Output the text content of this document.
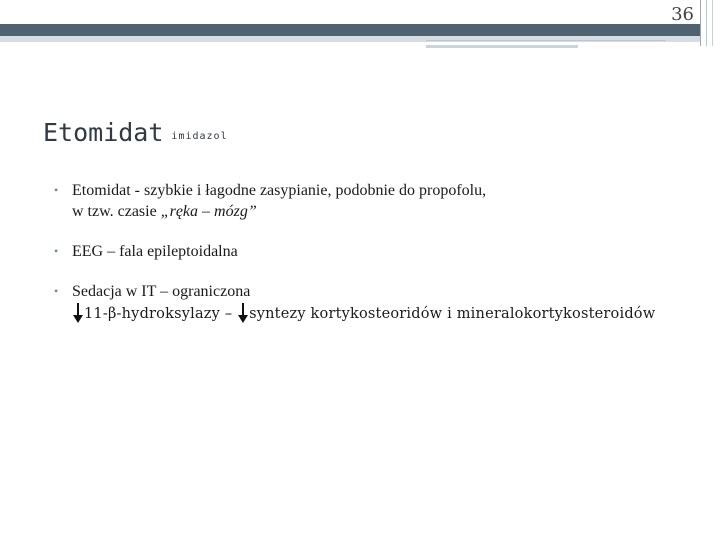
36
Etomidat $^{imidazol}$
• Etomidat - szybkie i łagodne zasypianie, podobnie do propofolu,
w tzw. czasie „ręka – mózg”
• EEG – fala epileptoidalna
• Sedacja w IT – ograniczona
11-β-hydroksylazy –
syntezy kortykosteoridów i mineralokortykosteroidów
